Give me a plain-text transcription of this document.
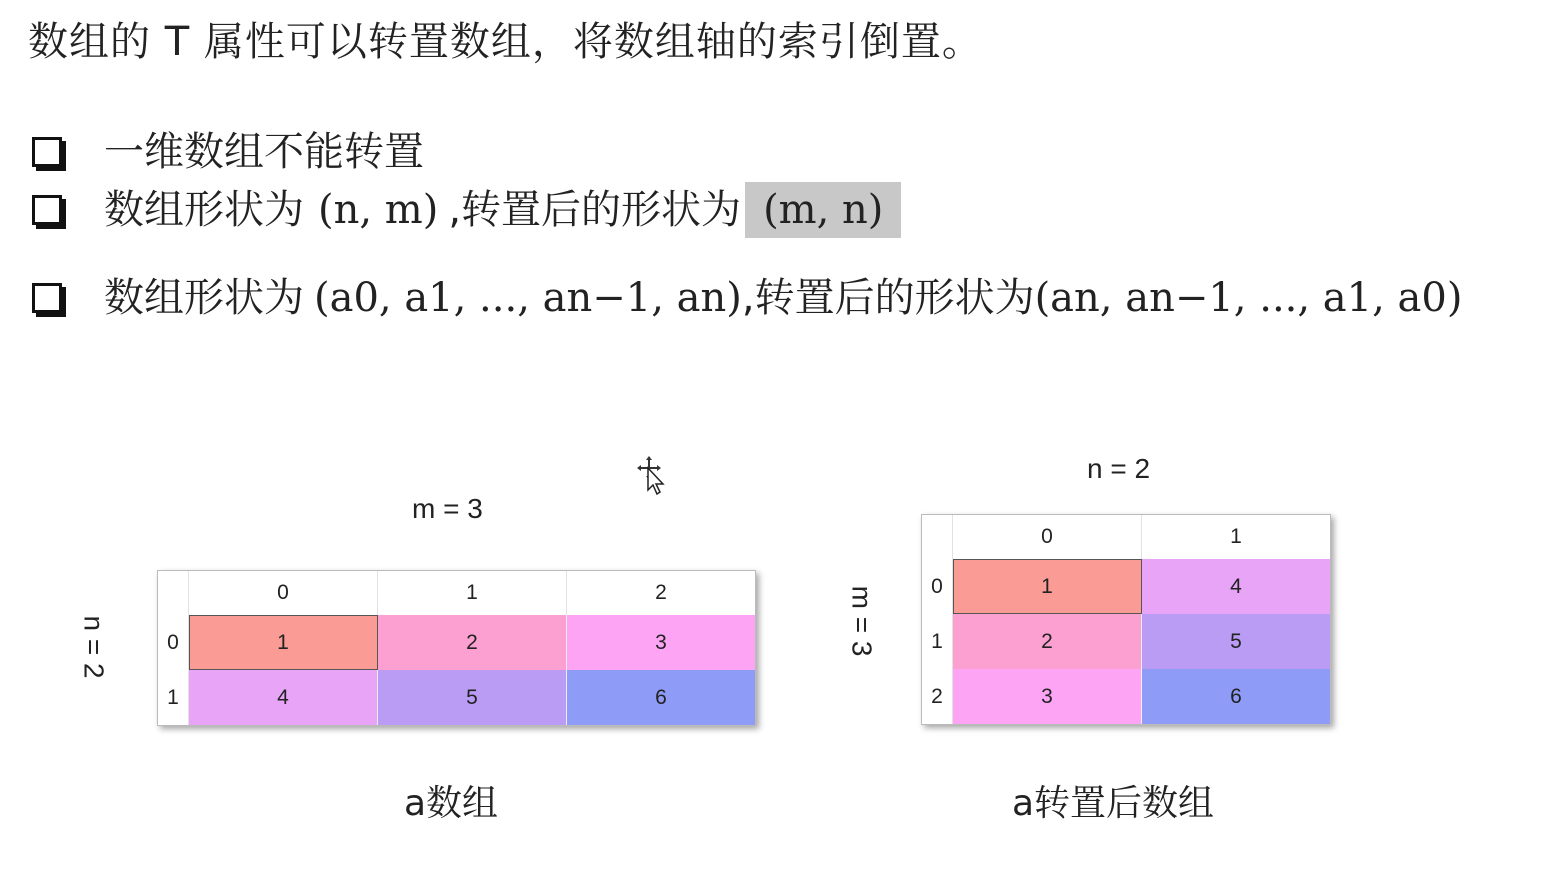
数组的 T 属性可以转置数组，将数组轴的索引倒置。
一维数组不能转置
数组形状为 (n, m) ,转置后的形状为 (m, n)
数组形状为 (a0, a1, ..., an−1, an) ,转置后的形状为 (an, an−1, ..., a1, a0)
m = 3
n = 2
	0	1	2
0	1	2	3
1	4	5	6
a数组
n = 2
m = 3
	0	1
0	1	4
1	2	5
2	3	6
a转置后数组
